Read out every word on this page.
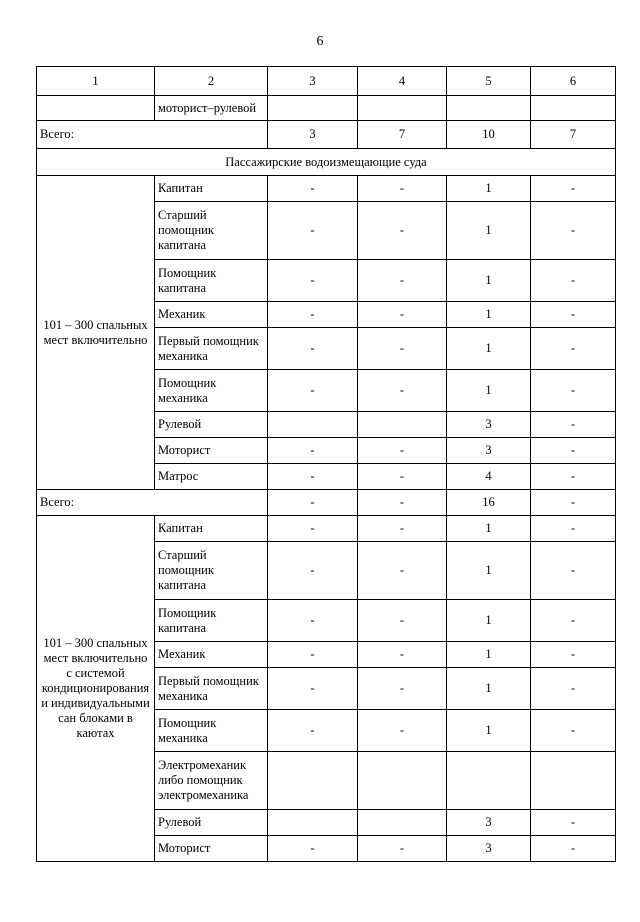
6
1	2	3	4	5	6
	моторист–рулевой				
Всего:		3	7	10	7
Пассажирские водоизмещающие суда					
101 – 300 спальных мест включительно	Капитан	-	-	1	-
	Старший помощник капитана	-	-	1	-
	Помощник капитана	-	-	1	-
	Механик	-	-	1	-
	Первый помощник механика	-	-	1	-
	Помощник механика	-	-	1	-
	Рулевой			3	-
	Моторист	-	-	3	-
	Матрос	-	-	4	-
Всего:		-	-	16	-
101 – 300 спальных мест включительно с системой кондиционирования и индивидуальными сан блоками в каютах	Капитан	-	-	1	-
	Старший помощник капитана	-	-	1	-
	Помощник капитана	-	-	1	-
	Механик	-	-	1	-
	Первый помощник механика	-	-	1	-
	Помощник механика	-	-	1	-
	Электромеханик либо помощник электромеханика				
	Рулевой			3	-
	Моторист	-	-	3	-
